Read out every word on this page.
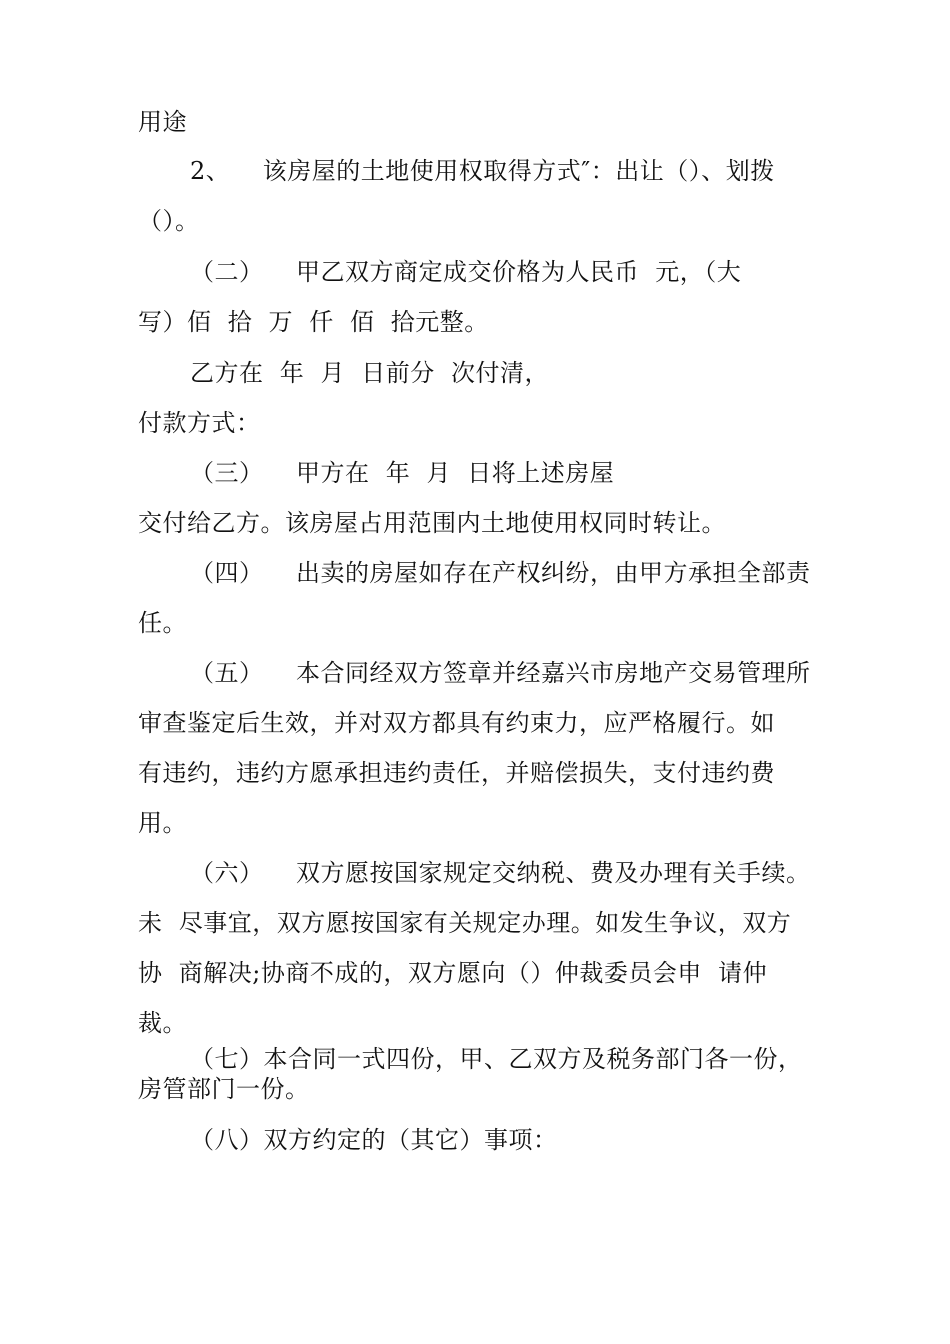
用途
2、    该房屋的土地使用权取得方式″：出让（）、划拨
（）。
（二）    甲乙双方商定成交价格为人民币  元，（大
写）佰  拾  万  仟  佰  拾元整。
乙方在  年  月  日前分  次付清，
付款方式：
（三）    甲方在  年  月  日将上述房屋
交付给乙方。该房屋占用范围内土地使用权同时转让。
（四）    出卖的房屋如存在产权纠纷，由甲方承担全部责
任。
（五）    本合同经双方签章并经嘉兴市房地产交易管理所
审查鉴定后生效，并对双方都具有约束力，应严格履行。如
有违约，违约方愿承担违约责任，并赔偿损失，支付违约费
用。
（六）    双方愿按国家规定交纳税、费及办理有关手续。
未  尽事宜，双方愿按国家有关规定办理。如发生争议，双方
协  商解决;协商不成的，双方愿向（）仲裁委员会申  请仲
裁。
（七）本合同一式四份，甲、乙双方及税务部门各一份，
房管部门一份。
（八）双方约定的（其它）事项：
